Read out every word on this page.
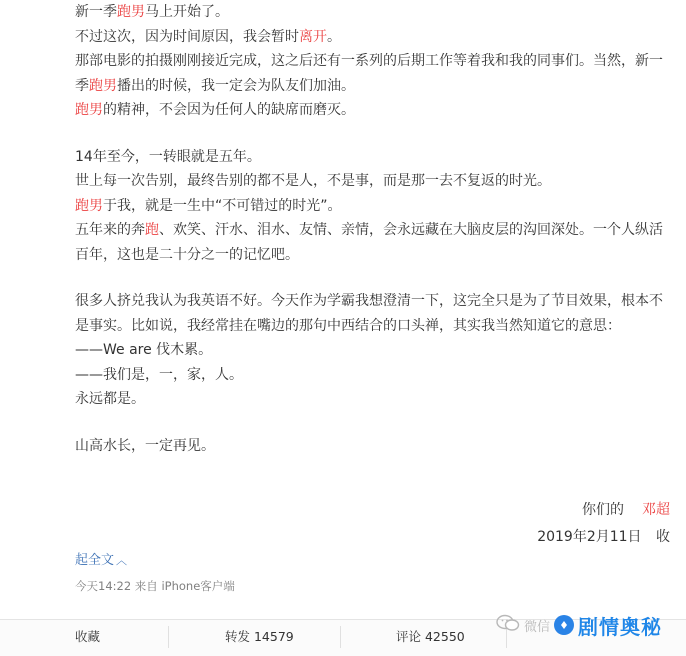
新一季跑男马上开始了。

不过这次，因为时间原因，我会暂时离开。

那部电影的拍摄刚刚接近完成，这之后还有一系列的后期工作等着我和我的同事们。当然，新一季跑男播出的时候，我一定会为队友们加油。

跑男的精神，不会因为任何人的缺席而磨灭。

14年至今，一转眼就是五年。

世上每一次告别，最终告别的都不是人，不是事，而是那一去不复返的时光。

跑男于我，就是一生中“不可错过的时光”。

五年来的奔跑、欢笑、汗水、泪水、友情、亲情，会永远藏在大脑皮层的沟回深处。一个人纵活百年，这也是二十分之一的记忆吧。

很多人挤兑我认为我英语不好。今天作为学霸我想澄清一下，这完全只是为了节目效果，根本不是事实。比如说，我经常挂在嘴边的那句中西结合的口头禅，其实我当然知道它的意思：

——We are 伐木累。

——我们是，一，家，人。

永远都是。

山高水长，一定再见。

你们的 邓超
2019年2月11日 收
起全文 ︿
今天14:22 来自 iPhone客户端
收藏	转发 14579	评论 42550
微信 剧情奥秘
